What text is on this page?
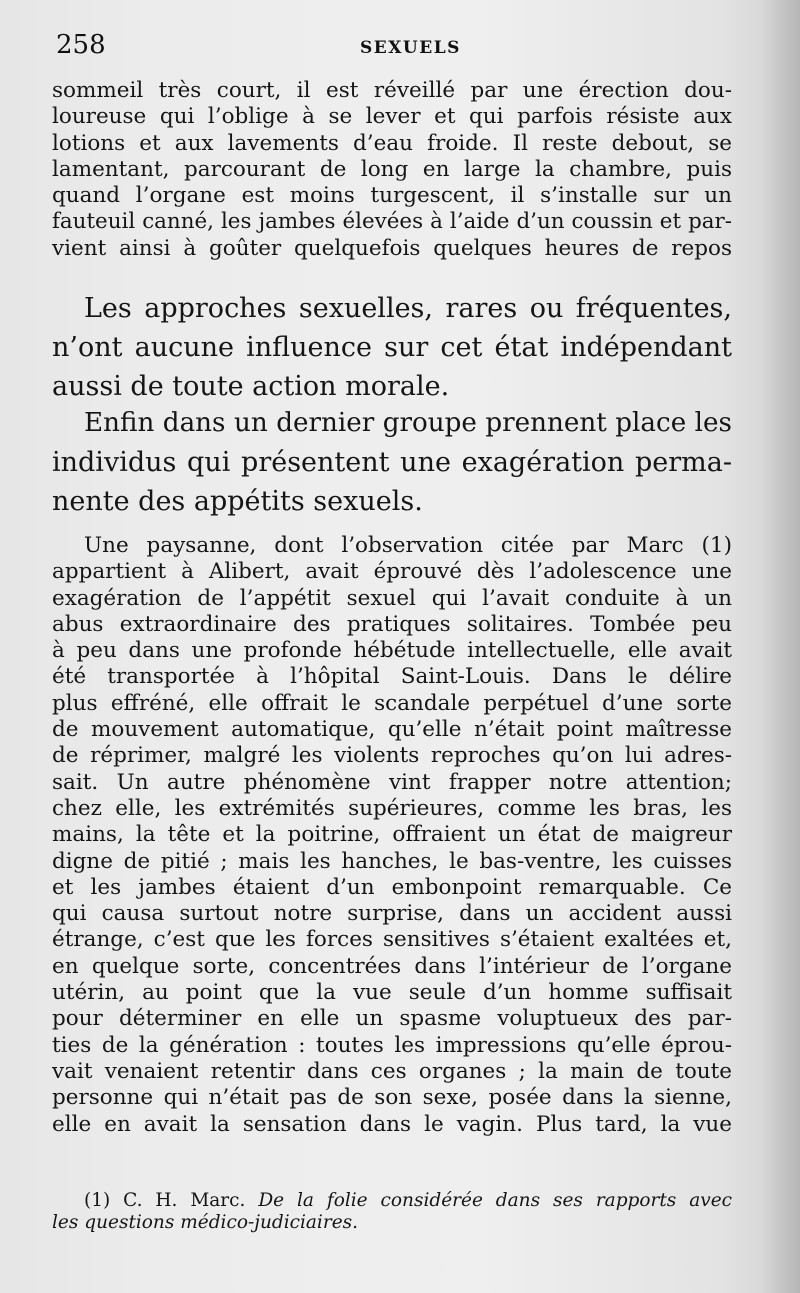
258	SEXUELS
sommeil très court, il est réveillé par une érection dou-
loureuse qui l’oblige à se lever et qui parfois résiste aux
lotions et aux lavements d’eau froide. Il reste debout, se
lamentant, parcourant de long en large la chambre, puis
quand l’organe est moins turgescent, il s’installe sur un
fauteuil canné, les jambes élevées à l’aide d’un coussin et par-
vient ainsi à goûter quelquefois quelques heures de repos
Les approches sexuelles, rares ou fréquentes,
n’ont aucune influence sur cet état indépendant
aussi de toute action morale.
Enfin dans un dernier groupe prennent place les
individus qui présentent une exagération perma-
nente des appétits sexuels.
Une paysanne, dont l’observation citée par Marc (1)
appartient à Alibert, avait éprouvé dès l’adolescence une
exagération de l’appétit sexuel qui l’avait conduite à un
abus extraordinaire des pratiques solitaires. Tombée peu
à peu dans une profonde hébétude intellectuelle, elle avait
été transportée à l’hôpital Saint-Louis. Dans le délire
plus effréné, elle offrait le scandale perpétuel d’une sorte
de mouvement automatique, qu’elle n’était point maîtresse
de réprimer, malgré les violents reproches qu’on lui adres-
sait. Un autre phénomène vint frapper notre attention;
chez elle, les extrémités supérieures, comme les bras, les
mains, la tête et la poitrine, offraient un état de maigreur
digne de pitié ; mais les hanches, le bas-ventre, les cuisses
et les jambes étaient d’un embonpoint remarquable. Ce
qui causa surtout notre surprise, dans un accident aussi
étrange, c’est que les forces sensitives s’étaient exaltées et,
en quelque sorte, concentrées dans l’intérieur de l’organe
utérin, au point que la vue seule d’un homme suffisait
pour déterminer en elle un spasme voluptueux des par-
ties de la génération : toutes les impressions qu’elle éprou-
vait venaient retentir dans ces organes ; la main de toute
personne qui n’était pas de son sexe, posée dans la sienne,
elle en avait la sensation dans le vagin. Plus tard, la vue
(1) C. H. Marc. De la folie considérée dans ses rapports avec
les questions médico-judiciaires.
